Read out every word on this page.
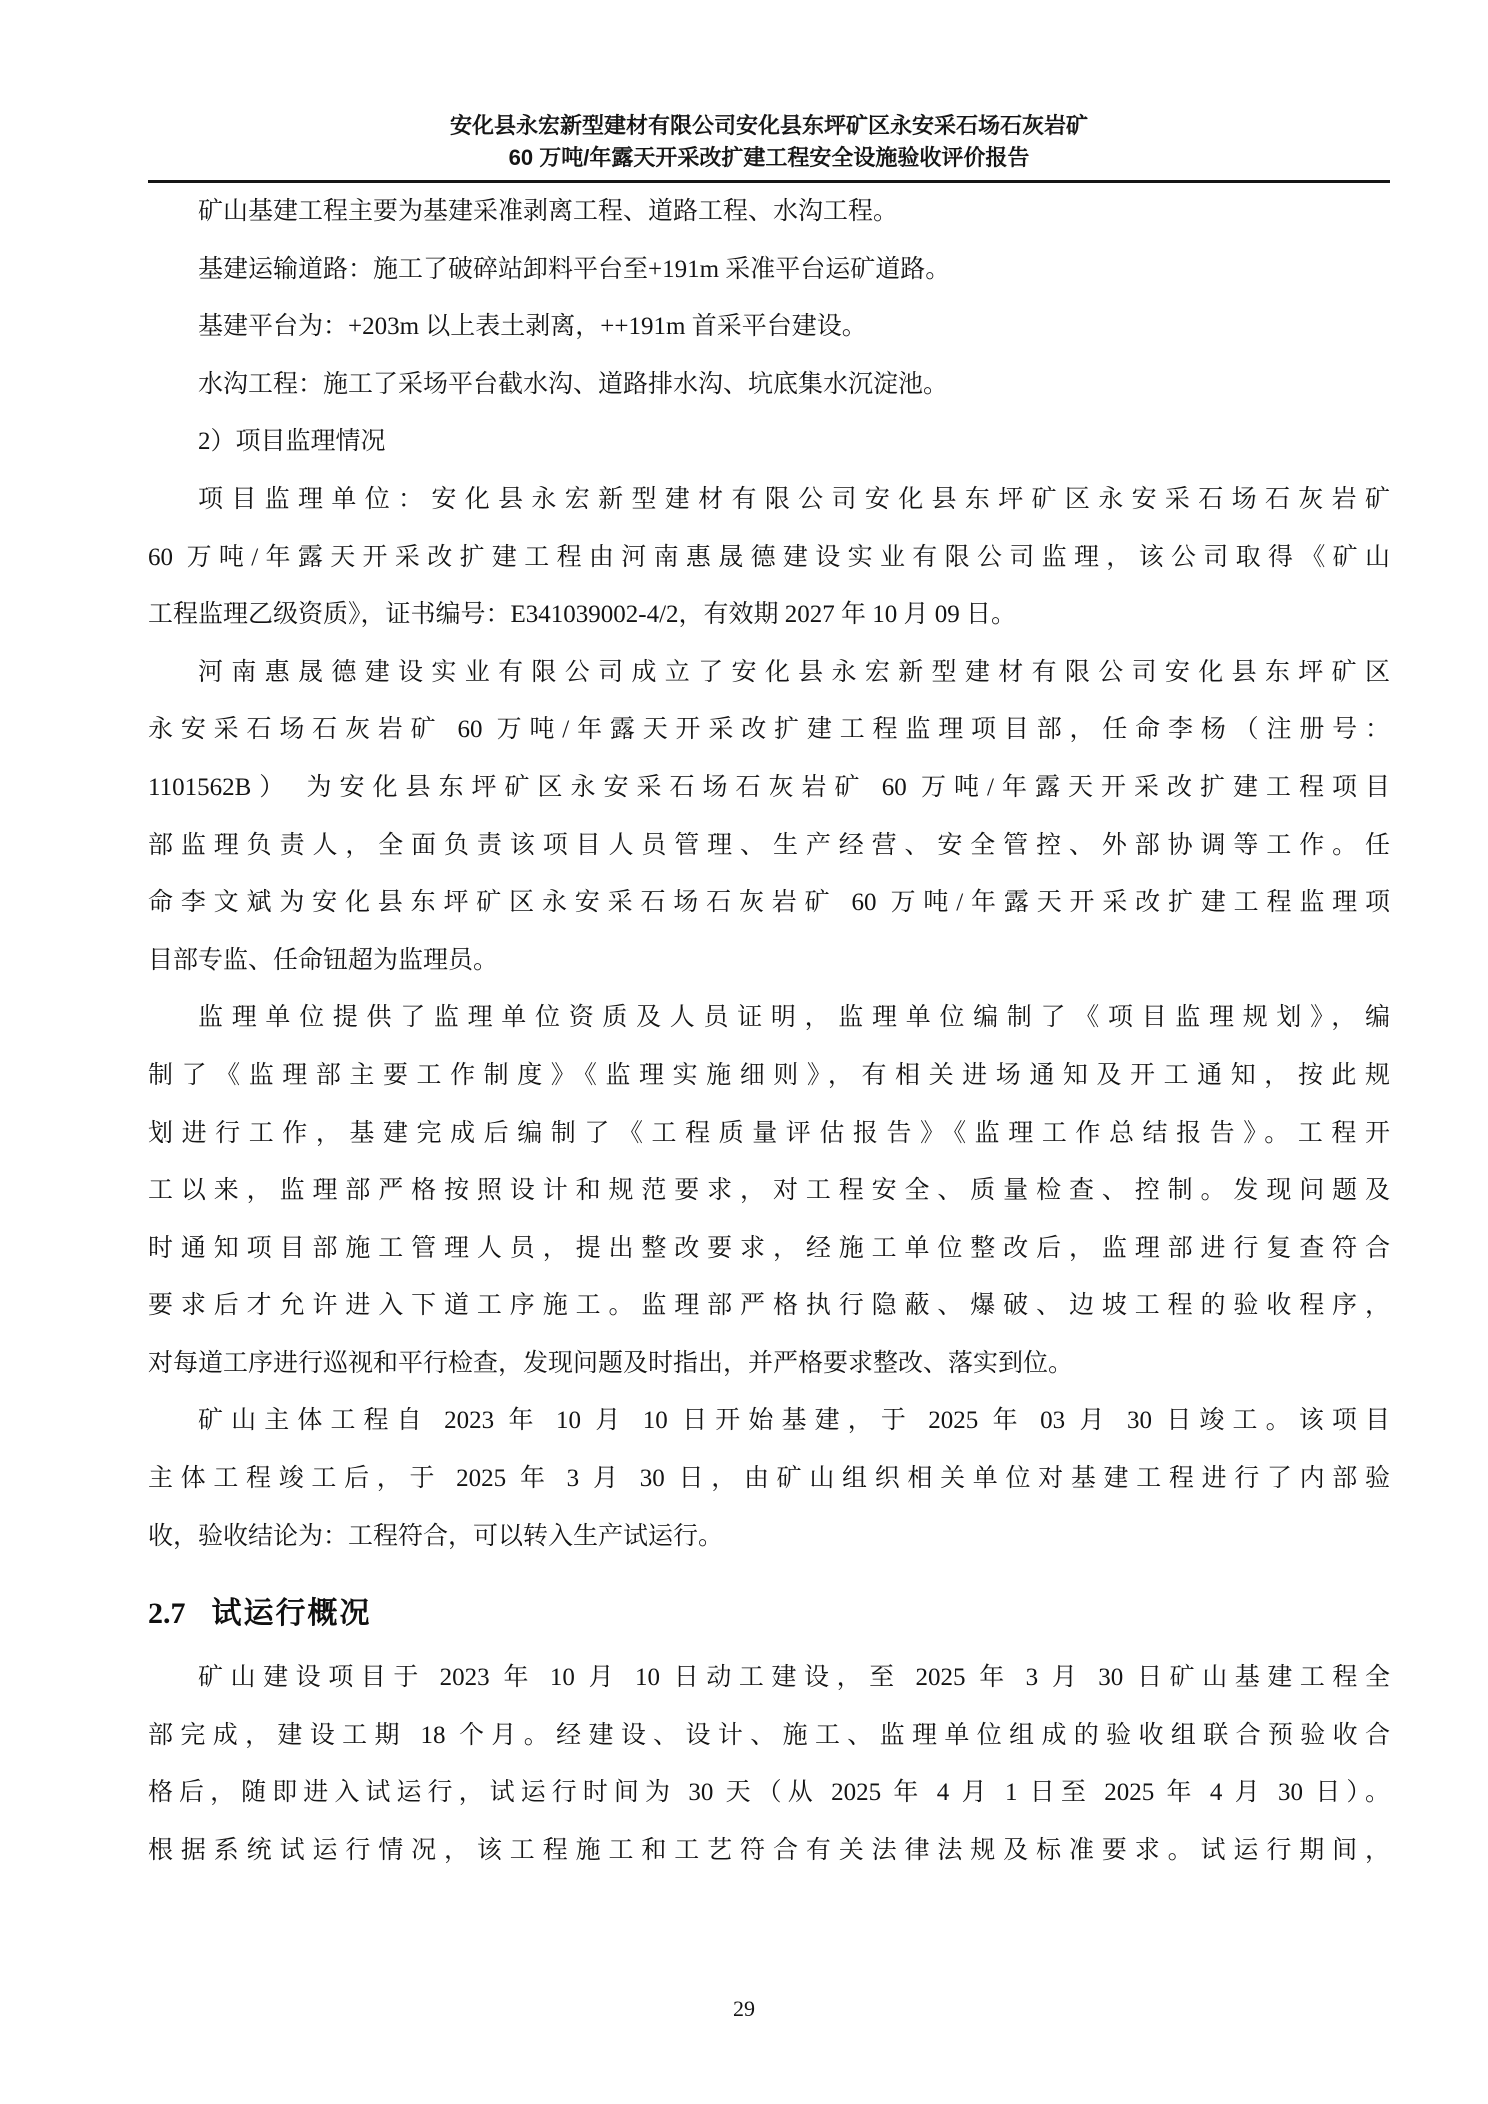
安化县永宏新型建材有限公司安化县东坪矿区永安采石场石灰岩矿
60 万吨/年露天开采改扩建工程安全设施验收评价报告
矿山基建工程主要为基建采准剥离工程、道路工程、水沟工程。
基建运输道路：施工了破碎站卸料平台至+191m 采准平台运矿道路。
基建平台为：+203m 以上表土剥离，++191m 首采平台建设。
水沟工程：施工了采场平台截水沟、道路排水沟、坑底集水沉淀池。
2）项目监理情况
项目监理单位：安化县永宏新型建材有限公司安化县东坪矿区永安采石场石灰岩矿
60 万吨/年露天开采改扩建工程由河南惠晟德建设实业有限公司监理，该公司取得《矿山
工程监理乙级资质》，证书编号：E341039002-4/2，有效期 2027 年 10 月 09 日。
河南惠晟德建设实业有限公司成立了安化县永宏新型建材有限公司安化县东坪矿区
永安采石场石灰岩矿 60 万吨/年露天开采改扩建工程监理项目部，任命李杨（注册号：
1101562B） 为安化县东坪矿区永安采石场石灰岩矿 60 万吨/年露天开采改扩建工程项目
部监理负责人，全面负责该项目人员管理、生产经营、安全管控、外部协调等工作。任
命李文斌为安化县东坪矿区永安采石场石灰岩矿 60 万吨/年露天开采改扩建工程监理项
目部专监、任命钮超为监理员。
监理单位提供了监理单位资质及人员证明，监理单位编制了《项目监理规划》，编
制了《监理部主要工作制度》《监理实施细则》，有相关进场通知及开工通知，按此规
划进行工作，基建完成后编制了《工程质量评估报告》《监理工作总结报告》。工程开
工以来，监理部严格按照设计和规范要求，对工程安全、质量检查、控制。发现问题及
时通知项目部施工管理人员，提出整改要求，经施工单位整改后，监理部进行复查符合
要求后才允许进入下道工序施工。监理部严格执行隐蔽、爆破、边坡工程的验收程序，
对每道工序进行巡视和平行检查，发现问题及时指出，并严格要求整改、落实到位。
矿山主体工程自 2023 年 10 月 10 日开始基建，于 2025 年 03 月 30 日竣工。该项目
主体工程竣工后，于 2025 年 3 月 30 日，由矿山组织相关单位对基建工程进行了内部验
收，验收结论为：工程符合，可以转入生产试运行。
2.7 试运行概况
矿山建设项目于 2023 年 10 月 10 日动工建设，至 2025 年 3 月 30 日矿山基建工程全
部完成，建设工期 18 个月。经建设、设计、施工、监理单位组成的验收组联合预验收合
格后，随即进入试运行，试运行时间为 30 天（从 2025 年 4 月 1 日至 2025 年 4 月 30 日）。
根据系统试运行情况，该工程施工和工艺符合有关法律法规及标准要求。试运行期间，
29
